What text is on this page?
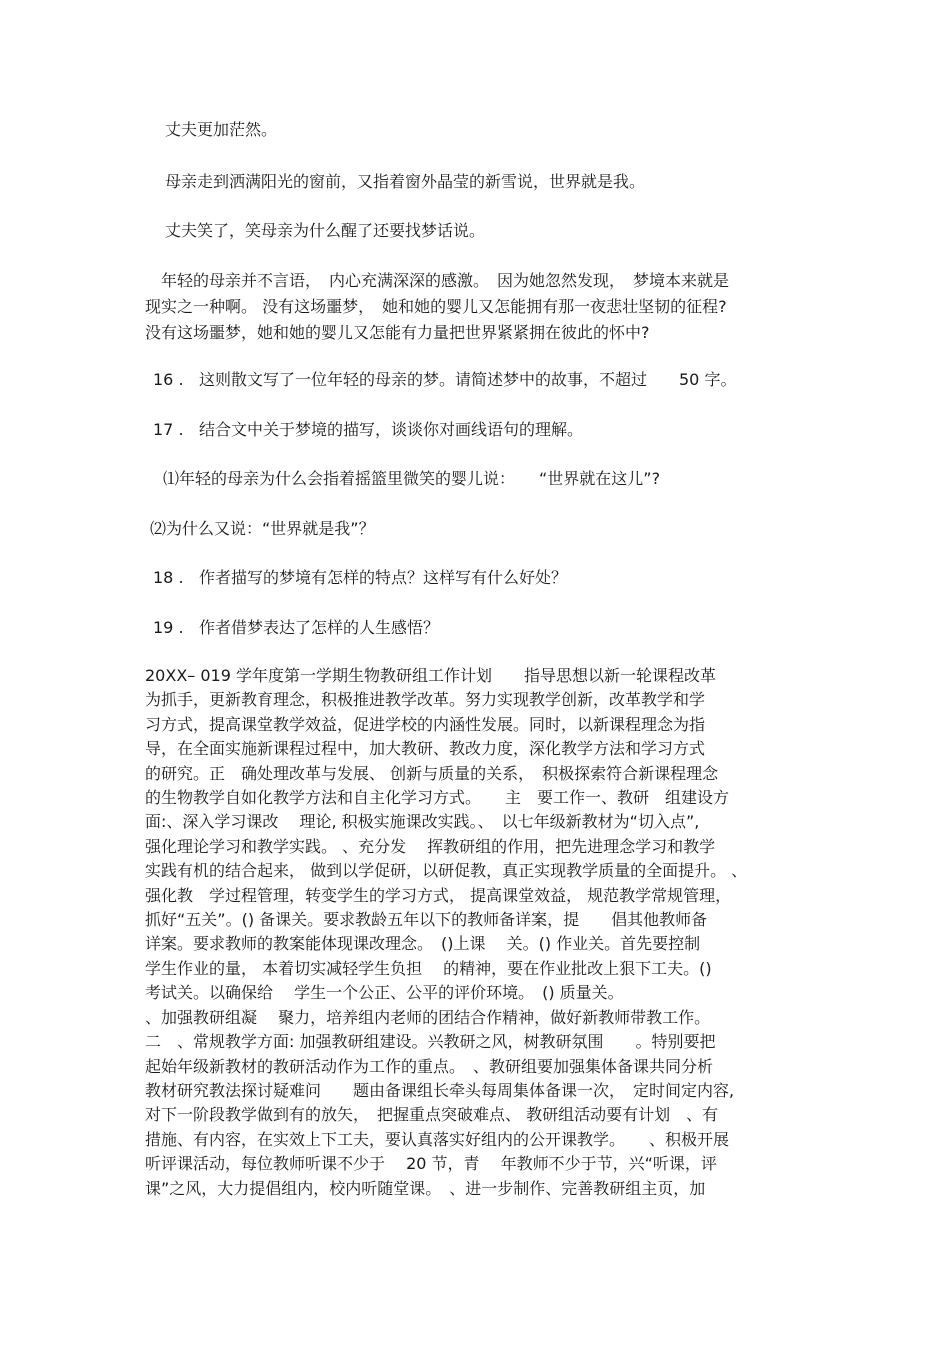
丈夫更加茫然。
母亲走到洒满阳光的窗前，又指着窗外晶莹的新雪说，世界就是我。
丈夫笑了，笑母亲为什么醒了还要找梦话说。
　年轻的母亲并不言语，　内心充满深深的感激。　因为她忽然发现，　梦境本来就是
现实之一种啊。 没有这场噩梦，　她和她的婴儿又怎能拥有那一夜悲壮坚韧的征程?
没有这场噩梦，她和她的婴儿又怎能有力量把世界紧紧拥在彼此的怀中?
16 . 这则散文写了一位年轻的母亲的梦。请简述梦中的故事，不超过　　50 字。
17 . 结合文中关于梦境的描写，谈谈你对画线语句的理解。
⑴年轻的母亲为什么会指着摇篮里微笑的婴儿说：　　“世界就在这儿”?
⑵为什么又说：“世界就是我”？
18 . 作者描写的梦境有怎样的特点？这样写有什么好处？
19 . 作者借梦表达了怎样的人生感悟？
20XX– 019 学年度第一学期生物教研组工作计划　　指导思想以新一轮课程改革
为抓手，更新教育理念，积极推进教学改革。努力实现教学创新，改革教学和学
习方式，提高课堂教学效益，促进学校的内涵性发展。同时，以新课程理念为指
导，在全面实施新课程过程中，加大教研、教改力度，深化教学方法和学习方式
的研究。正　确处理改革与发展、 创新与质量的关系，　积极探索符合新课程理念
的生物教学自如化教学方法和自主化学习方式。　　主　要工作一、教研　组建设方
面:、深入学习课改　 理论, 积极实施课改实践。、　以七年级新教材为“切入点”,
强化理论学习和教学实践。 、充分发　 挥教研组的作用，把先进理念学习和教学
实践有机的结合起来， 做到以学促研，以研促教，真正实现教学质量的全面提升。 、
强化教　学过程管理，转变学生的学习方式， 提高课堂效益， 规范教学常规管理，
抓好“五关”。() 备课关。要求教龄五年以下的教师备详案，提　　倡其他教师备
详案。要求教师的教案能体现课改理念。　()上课　 关。() 作业关。首先要控制
学生作业的量， 本着切实减轻学生负担　 的精神，要在作业批改上狠下工夫。()
考试关。以确保给　 学生一个公正、公平的评价环境。　() 质量关。
、加强教研组凝　 聚力，培养组内老师的团结合作精神，做好新教师带教工作。
二　、常规教学方面: 加强教研组建设。兴教研之风，树教研氛围　　。特别要把
起始年级新教材的教研活动作为工作的重点。　、教研组要加强集体备课共同分析
教材研究教法探讨疑难问　　题由备课组长牵头每周集体备课一次，　定时间定内容,
对下一阶段教学做到有的放矢，　把握重点突破难点、 教研组活动要有计划　、有
措施、有内容，在实效上下工夫，要认真落实好组内的公开课教学。　　、积极开展
听评课活动，每位教师听课不少于　 20 节，青　 年教师不少于节，兴“听课，评
课”之风，大力提倡组内，校内听随堂课。　、进一步制作、完善教研组主页，加
